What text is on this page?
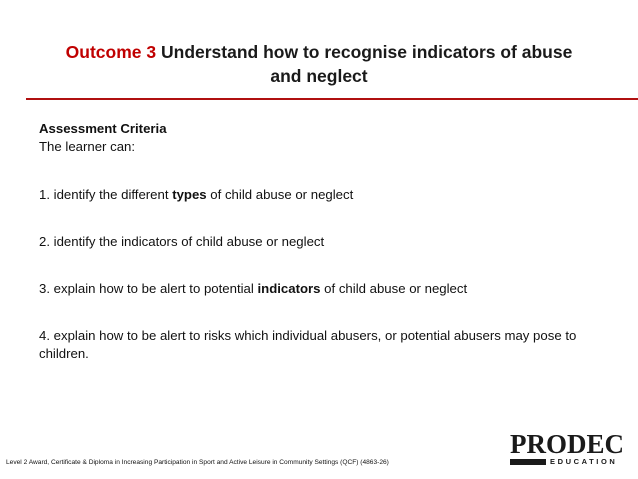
Outcome 3 Understand how to recognise indicators of abuse
and neglect

Assessment Criteria

The learner can:

1. identify the different types of child abuse or neglect
2. identify the indicators of child abuse or neglect
3. explain how to be alert to potential indicators of child abuse or neglect
4. explain how to be alert to risks which individual abusers, or potential abusers may pose to children.
Level 2 Award, Certificate & Diploma in Increasing Participation in Sport and Active Leisure in Community Settings (QCF) (4863-26)
PRODEC
EDUCATION
